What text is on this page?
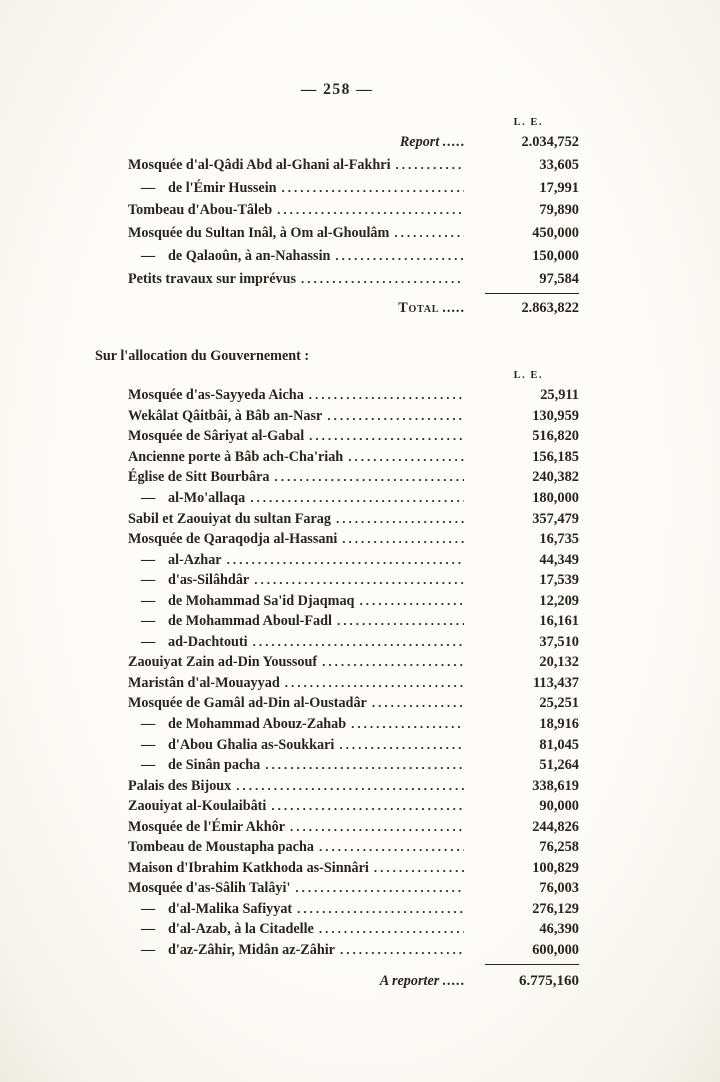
— 258 —
L. E.
Report .....	2.034,752
Mosquée d'al-Qâdi Abd al-Ghani al-Fakhri .....	33,605
— de l'Émir Hussein .....	17,991
Tombeau d'Abou-Tâleb .....	79,890
Mosquée du Sultan Inâl, à Om al-Ghoulâm .....	450,000
— de Qalaoûn, à an-Nahassin .....	150,000
Petits travaux sur imprévus .....	97,584
Total .....	2.863,822
Sur l'allocation du Gouvernement :
L. E.
Mosquée d'as-Sayyeda Aicha .....	25,911
Wekâlat Qâitbâi, à Bâb an-Nasr .....	130,959
Mosquée de Sâriyat al-Gabal .....	516,820
Ancienne porte à Bâb ach-Cha'riah .....	156,185
Église de Sitt Bourbâra .....	240,382
— al-Mo'allaqa .....	180,000
Sabil et Zaouiyat du sultan Farag .....	357,479
Mosquée de Qaraqodja al-Hassani .....	16,735
— al-Azhar .....	44,349
— d'as-Silâhdâr .....	17,539
— de Mohammad Sa'id Djaqmaq .....	12,209
— de Mohammad Aboul-Fadl .....	16,161
— ad-Dachtouti .....	37,510
Zaouiyat Zain ad-Din Youssouf .....	20,132
Maristân d'al-Mouayyad .....	113,437
Mosquée de Gamâl ad-Din al-Oustadâr .....	25,251
— de Mohammad Abouz-Zahab .....	18,916
— d'Abou Ghalia as-Soukkari .....	81,045
— de Sinân pacha .....	51,264
Palais des Bijoux .....	338,619
Zaouiyat al-Koulaibâti .....	90,000
Mosquée de l'Émir Akhôr .....	244,826
Tombeau de Moustapha pacha .....	76,258
Maison d'Ibrahim Katkhoda as-Sinnâri .....	100,829
Mosquée d'as-Sâlih Talâyi' .....	76,003
— d'al-Malika Safiyyat .....	276,129
— d'al-Azab, à la Citadelle .....	46,390
— d'az-Zâhir, Midân az-Zâhir .....	600,000
A reporter .....	6.775,160
